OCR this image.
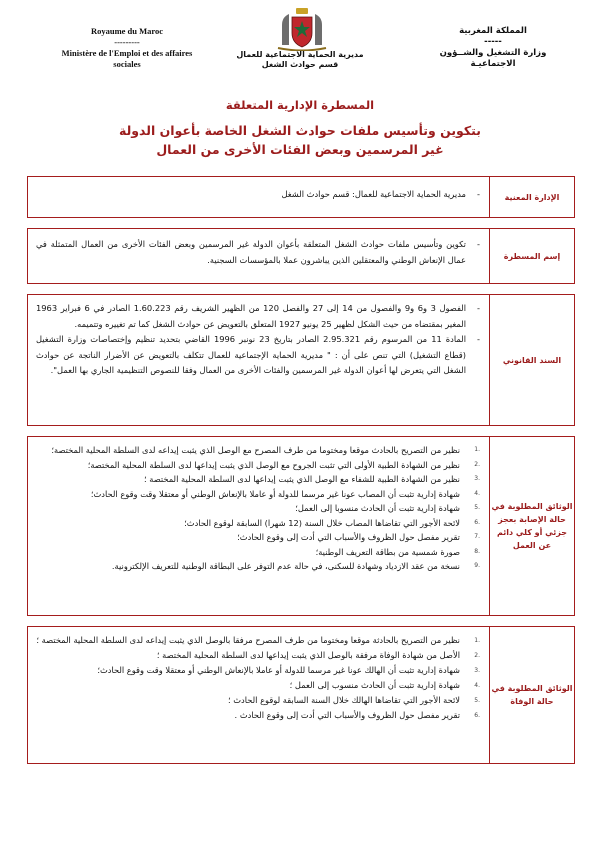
Royaume du Maroc
---------
Ministère de l'Emploi et des affaires
sociales
مديرية الحماية الاجتماعية للعمال
قسم حوادث الشغل
المملكة المغربية
-----
وزارة التشغيل والشــؤون
الاجتماعيـة
المسطرة الإدارية المتعلقة
بتكوين وتأسيس ملفات حوادث الشغل الخاصة بأعوان الدولة
غير المرسمين وبعض الفئات الأخرى من العمال
الإدارة المعنية
- مديرية الحماية الاجتماعية للعمال: قسم حوادث الشغل
إسم المسطرة
- تكوين وتأسيس ملفات حوادث الشغل المتعلقة بأعوان الدولة غير المرسمين وبعض الفئات الأخرى من العمال المتمثلة في عمال الإنعاش الوطني والمعتقلين الذين يباشرون عملا بالمؤسسات السجنية.
السند القانوني
- الفصول 3 و6 و9 والفصول من 14 إلى 27 والفصل 120 من الظهير الشريف رقم 1.60.223 الصادر في 6 فبراير 1963 المغير بمقتضاه من حيث الشكل لظهير 25 يونيو 1927 المتعلق بالتعويض عن حوادث الشغل كما تم تغييره وتتميمه.
- المادة 11 من المرسوم رقم 2.95.321 الصادر بتاريخ 23 نونبر 1996 القاضي بتحديد تنظيم وإختصاصات وزارة التشغيل (قطاع التشغيل) التي تنص على أن : " مديرية الحماية الإجتماعية للعمال تتكلف بالتعويض عن الأضرار الناتجة عن حوادث الشغل التي يتعرض لها أعوان الدولة غير المرسمين والفئات الأخرى من العمال وفقا للنصوص التنظيمية الجاري بها العمل".
الوثائق المطلوبة في حالة الإصابة بعجز جزئي أو كلي دائم عن العمل
1.
نظير من التصريح بالحادث موقعا ومختوما من طرف المصرح مع الوصل الذي يثبت إيداعه لدى السلطة المحلية المختصة؛
2.
نظير من الشهادة الطبية الأولى التي تثبت الجروح مع الوصل الذي يثبت إيداعها لدى السلطة المحلية المختصة؛
3.
نظير من الشهادة الطبية للشفاء مع الوصل الذي يثبت إيداعها لدى السلطة المحلية المختصة ؛
4.
شهادة إدارية تثبت أن المصاب عونا غير مرسما للدولة أو عاملا بالإنعاش الوطني أو معتقلا وقت وقوع الحادث؛
5.
شهادة إدارية تثبت أن الحادث منسوبا إلى العمل؛
6.
لائحة الأجور التي تقاضاها المصاب خلال السنة (12 شهرا) السابقة لوقوع الحادث؛
7.
تقرير مفصل حول الظروف والأسباب التي أدت إلى وقوع الحادث؛
8.
صورة شمسية من بطاقة التعريف الوطنية؛
9.
نسخة من عقد الازدياد وشهادة للسكنى، في حالة عدم التوفر على البطاقة الوطنية للتعريف الإلكترونية.
الوثائق المطلوبة في حالة الوفاة
1.
نظير من التصريح بالحادثة موقعا ومختوما من طرف المصرح مرفقا بالوصل الذي يثبت إيداعه لدى السلطة المحلية المختصة ؛
2.
الأصل من شهادة الوفاة مرفقة بالوصل الذي يثبت إيداعها لدى السلطة المحلية المختصة ؛
3.
شهادة إدارية تثبت أن الهالك عونا غير مرسما للدولة أو عاملا بالإنعاش الوطني أو معتقلا وقت وقوع الحادث؛
4.
شهادة إدارية تثبت أن الحادث منسوب إلى العمل ؛
5.
لائحة الأجور التي تقاضاها الهالك خلال السنة السابقة لوقوع الحادث ؛
6.
تقرير مفصل حول الظروف والأسباب التي أدت إلى وقوع الحادث .
